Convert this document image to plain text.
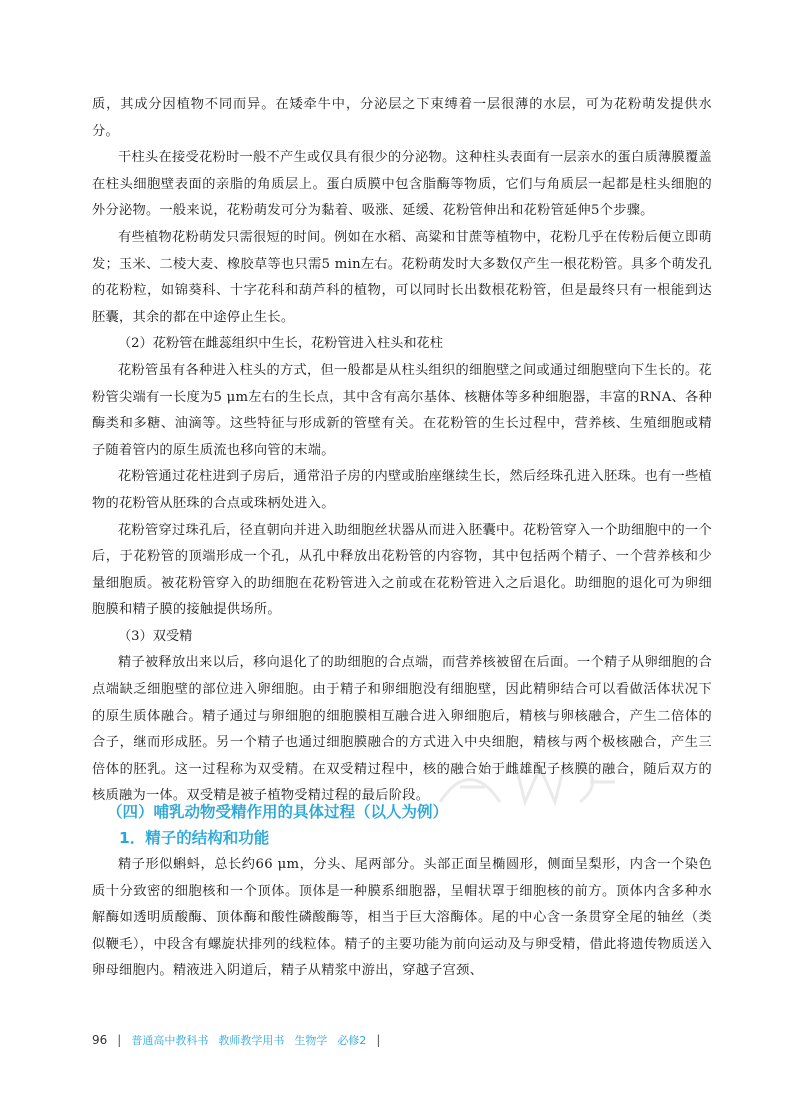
质，其成分因植物不同而异。在矮牵牛中，分泌层之下束缚着一层很薄的水层，可为花粉萌发提供水分。

干柱头在接受花粉时一般不产生或仅具有很少的分泌物。这种柱头表面有一层亲水的蛋白质薄膜覆盖在柱头细胞壁表面的亲脂的角质层上。蛋白质膜中包含脂酶等物质，它们与角质层一起都是柱头细胞的外分泌物。一般来说，花粉萌发可分为黏着、吸涨、延缓、花粉管伸出和花粉管延伸5个步骤。

有些植物花粉萌发只需很短的时间。例如在水稻、高粱和甘蔗等植物中，花粉几乎在传粉后便立即萌发；玉米、二棱大麦、橡胶草等也只需5 min左右。花粉萌发时大多数仅产生一根花粉管。具多个萌发孔的花粉粒，如锦葵科、十字花科和葫芦科的植物，可以同时长出数根花粉管，但是最终只有一根能到达胚囊，其余的都在中途停止生长。

（2）花粉管在雌蕊组织中生长，花粉管进入柱头和花柱

花粉管虽有各种进入柱头的方式，但一般都是从柱头组织的细胞壁之间或通过细胞壁向下生长的。花粉管尖端有一长度为5 μm左右的生长点，其中含有高尔基体、核糖体等多种细胞器，丰富的RNA、各种酶类和多糖、油滴等。这些特征与形成新的管壁有关。在花粉管的生长过程中，营养核、生殖细胞或精子随着管内的原生质流也移向管的末端。

花粉管通过花柱进到子房后，通常沿子房的内壁或胎座继续生长，然后经珠孔进入胚珠。也有一些植物的花粉管从胚珠的合点或珠柄处进入。

花粉管穿过珠孔后，径直朝向并进入助细胞丝状器从而进入胚囊中。花粉管穿入一个助细胞中的一个后，于花粉管的顶端形成一个孔，从孔中释放出花粉管的内容物，其中包括两个精子、一个营养核和少量细胞质。被花粉管穿入的助细胞在花粉管进入之前或在花粉管进入之后退化。助细胞的退化可为卵细胞膜和精子膜的接触提供场所。

（3）双受精

精子被释放出来以后，移向退化了的助细胞的合点端，而营养核被留在后面。一个精子从卵细胞的合点端缺乏细胞壁的部位进入卵细胞。由于精子和卵细胞没有细胞壁，因此精卵结合可以看做活体状况下的原生质体融合。精子通过与卵细胞的细胞膜相互融合进入卵细胞后，精核与卵核融合，产生二倍体的合子，继而形成胚。另一个精子也通过细胞膜融合的方式进入中央细胞，精核与两个极核融合，产生三倍体的胚乳。这一过程称为双受精。在双受精过程中，核的融合始于雌雄配子核膜的融合，随后双方的核质融为一体。双受精是被子植物受精过程的最后阶段。

（四）哺乳动物受精作用的具体过程（以人为例）
1．精子的结构和功能

精子形似蝌蚪，总长约66 μm，分头、尾两部分。头部正面呈椭圆形，侧面呈梨形，内含一个染色质十分致密的细胞核和一个顶体。顶体是一种膜系细胞器，呈帽状罩于细胞核的前方。顶体内含多种水解酶如透明质酸酶、顶体酶和酸性磷酸酶等，相当于巨大溶酶体。尾的中心含一条贯穿全尾的轴丝（类似鞭毛），中段含有螺旋状排列的线粒体。精子的主要功能为前向运动及与卵受精，借此将遗传物质送入卵母细胞内。精液进入阴道后，精子从精浆中游出，穿越子宫颈、

96 | 普通高中教科书 教师教学用书 生物学 必修2 |
